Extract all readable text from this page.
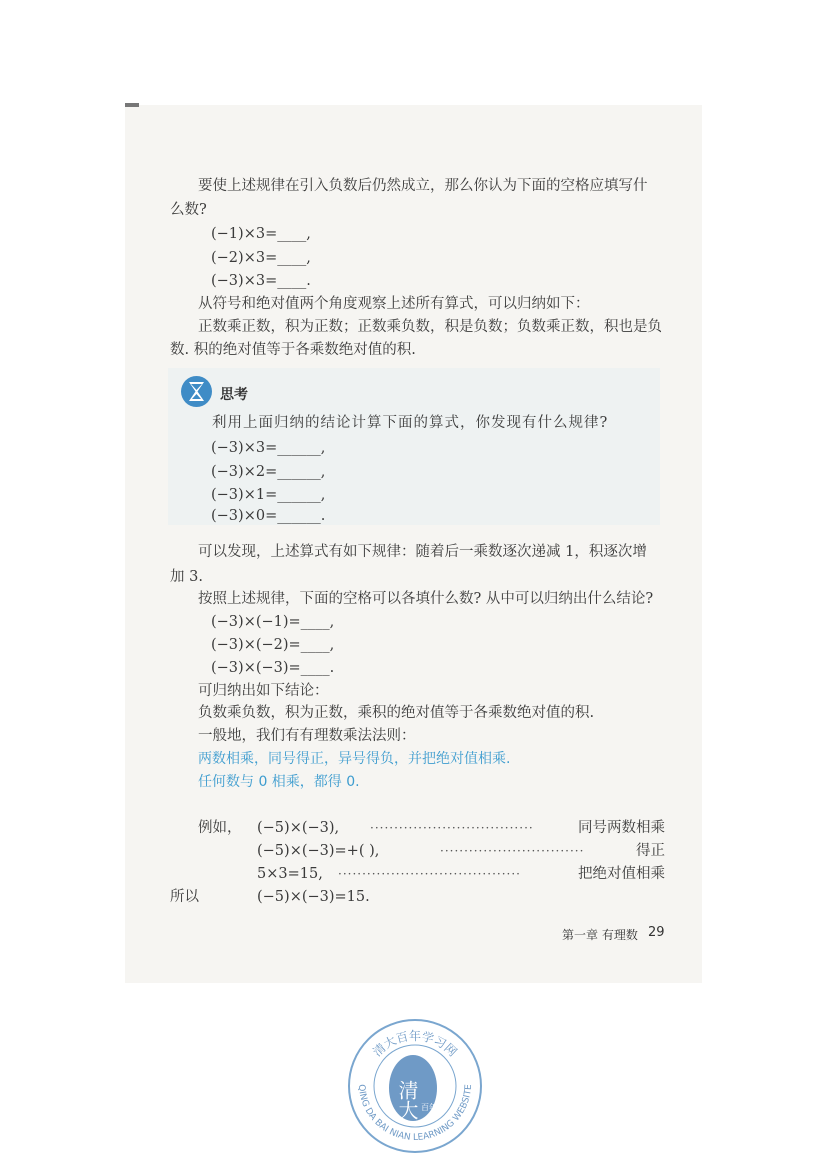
要使上述规律在引入负数后仍然成立，那么你认为下面的空格应填写什
么数?
(−1)×3=____,
(−2)×3=____,
(−3)×3=____.
从符号和绝对值两个角度观察上述所有算式，可以归纳如下：
正数乘正数，积为正数；正数乘负数，积是负数；负数乘正数，积也是负
数. 积的绝对值等于各乘数绝对值的积.
思考
利用上面归纳的结论计算下面的算式，你发现有什么规律?
(−3)×3=______,
(−3)×2=______,
(−3)×1=______,
(−3)×0=______.
可以发现，上述算式有如下规律：随着后一乘数逐次递减 1，积逐次增
加 3.
按照上述规律，下面的空格可以各填什么数? 从中可以归纳出什么结论?
(−3)×(−1)=____,
(−3)×(−2)=____,
(−3)×(−3)=____.
可归纳出如下结论：
负数乘负数，积为正数，乘积的绝对值等于各乘数绝对值的积.
一般地，我们有有理数乘法法则：
两数相乘，同号得正，异号得负，并把绝对值相乘.
任何数与 0 相乘，都得 0.
例如， (−5)×(−3),	··································	同号两数相乘
(−5)×(−3)=+( ),	······························	得正
5×3=15, ······································	把绝对值相乘
所以	(−5)×(−3)=15.
第一章 有理数 29
清大百年学习网
QING DA BAI NIAN LEARNING WEBSITE
清大 百年
